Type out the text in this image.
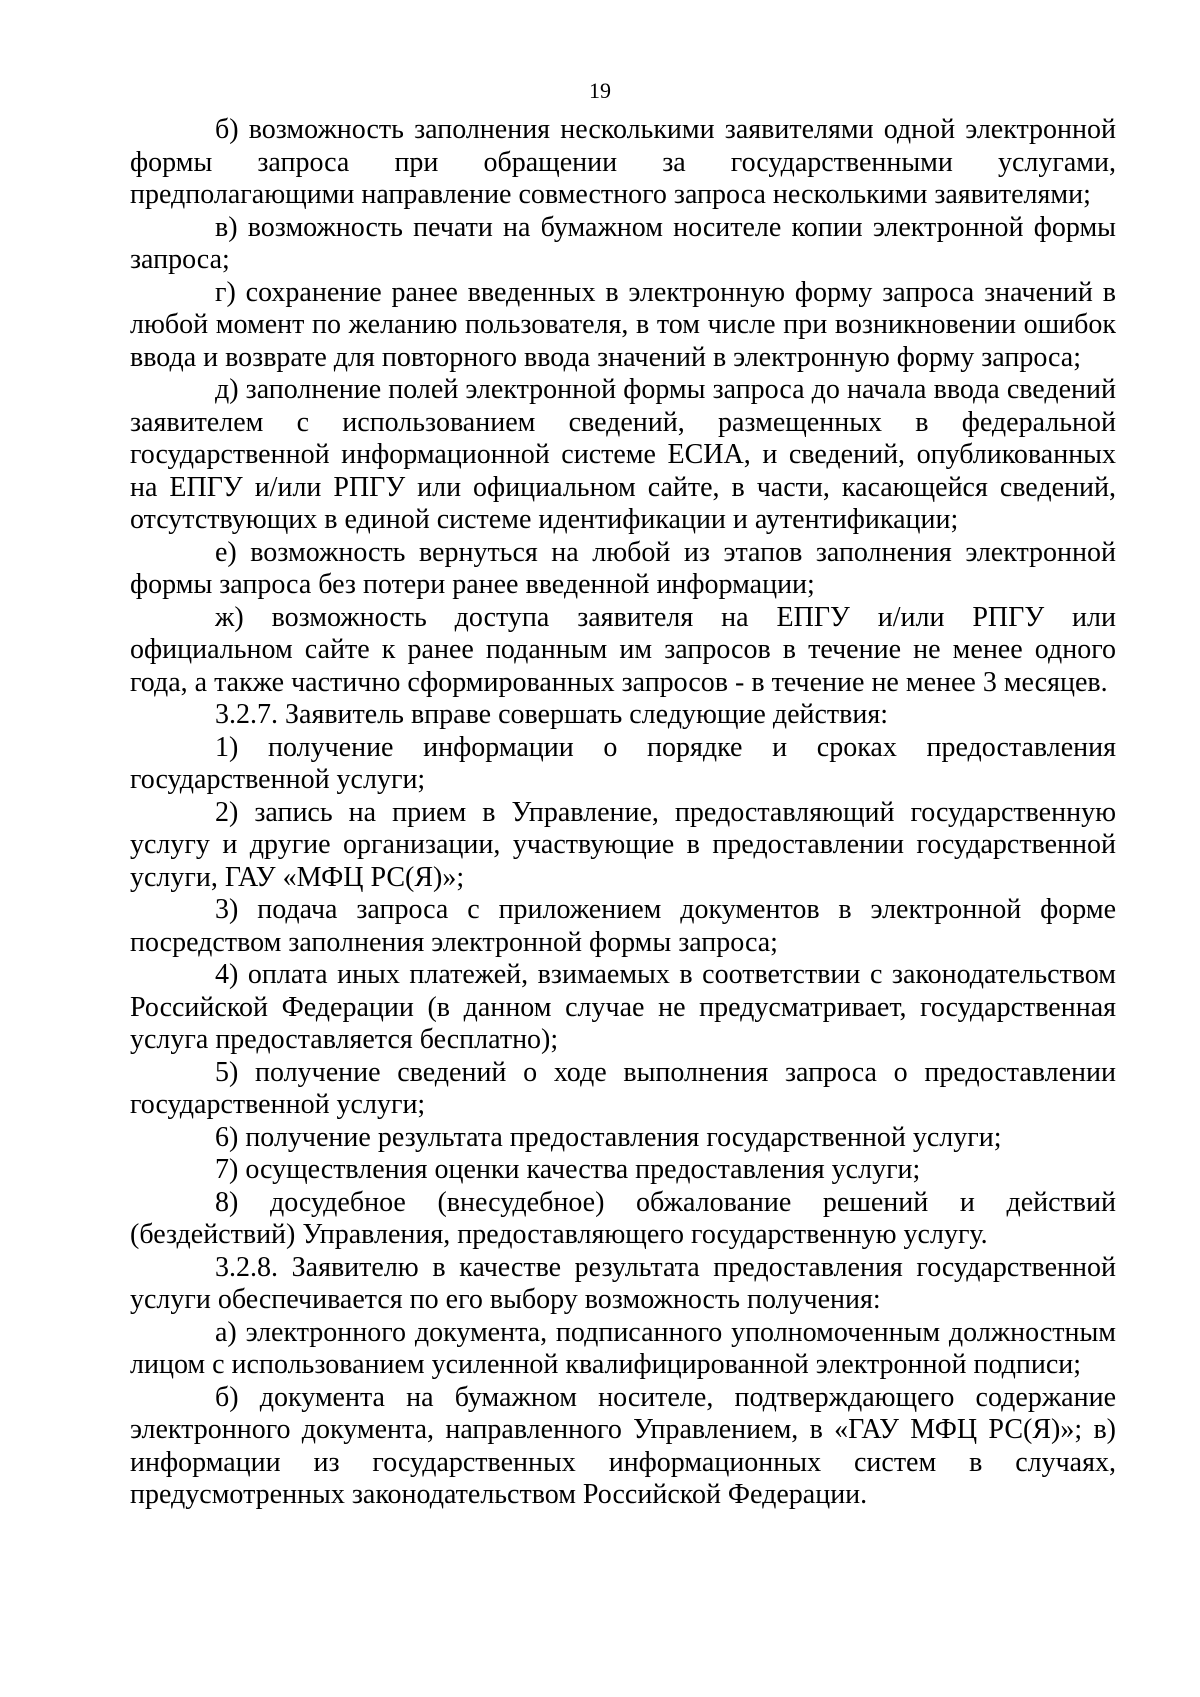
19

б) возможность заполнения несколькими заявителями одной электронной формы запроса при обращении за государственными услугами, предполагающими направление совместного запроса несколькими заявителями;

в) возможность печати на бумажном носителе копии электронной формы запроса;

г) сохранение ранее введенных в электронную форму запроса значений в любой момент по желанию пользователя, в том числе при возникновении ошибок ввода и возврате для повторного ввода значений в электронную форму запроса;

д) заполнение полей электронной формы запроса до начала ввода сведений заявителем с использованием сведений, размещенных в федеральной государственной информационной системе ЕСИА, и сведений, опубликованных на ЕПГУ и/или РПГУ или официальном сайте, в части, касающейся сведений, отсутствующих в единой системе идентификации и аутентификации;

е) возможность вернуться на любой из этапов заполнения электронной формы запроса без потери ранее введенной информации;

ж) возможность доступа заявителя на ЕПГУ и/или РПГУ или официальном сайте к ранее поданным им запросов в течение не менее одного года, а также частично сформированных запросов - в течение не менее 3 месяцев.

3.2.7. Заявитель вправе совершать следующие действия:

1) получение информации о порядке и сроках предоставления государственной услуги;

2) запись на прием в Управление, предоставляющий государственную услугу и другие организации, участвующие в предоставлении государственной услуги, ГАУ «МФЦ РС(Я)»;

3) подача запроса с приложением документов в электронной форме посредством заполнения электронной формы запроса;

4) оплата иных платежей, взимаемых в соответствии с законодательством Российской Федерации (в данном случае не предусматривает, государственная услуга предоставляется бесплатно);

5) получение сведений о ходе выполнения запроса о предоставлении государственной услуги;

6) получение результата предоставления государственной услуги;

7) осуществления оценки качества предоставления услуги;

8) досудебное (внесудебное) обжалование решений и действий (бездействий) Управления, предоставляющего государственную услугу.

3.2.8. Заявителю в качестве результата предоставления государственной услуги обеспечивается по его выбору возможность получения:

а) электронного документа, подписанного уполномоченным должностным лицом с использованием усиленной квалифицированной электронной подписи;

б) документа на бумажном носителе, подтверждающего содержание электронного документа, направленного Управлением, в «ГАУ МФЦ РС(Я)»; в) информации из государственных информационных систем в случаях, предусмотренных законодательством Российской Федерации.
